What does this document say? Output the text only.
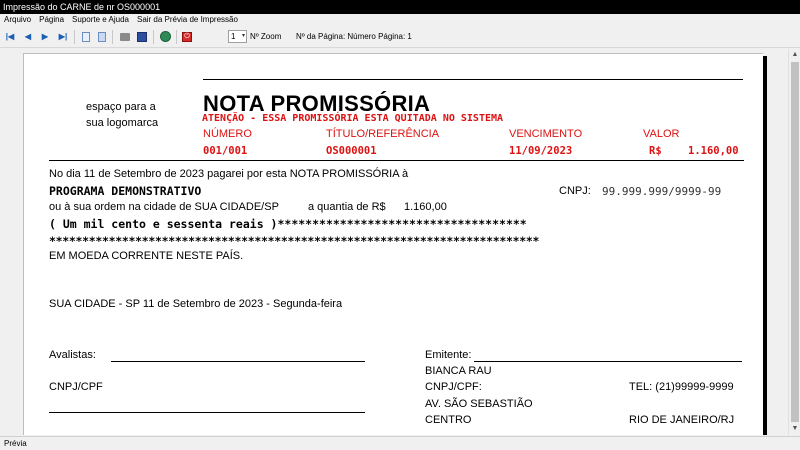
Impressão do CARNE de nr OS000001
Arquivo Página Suporte e Ajuda Sair da Prévia de Impressão
|◀	◀	▶	▶|	⏻	1 ▾ Nº Zoom Nº da Página: Número Página: 1
espaço para a
sua logomarca
NOTA PROMISSÓRIA
ATENÇÃO - ESSA PROMISSÓRIA ESTA QUITADA NO SISTEMA
NÚMERO	TÍTULO/REFERÊNCIA	VENCIMENTO	VALOR
001/001	OS000001	11/09/2023	R$	1.160,00
No dia 11 de Setembro de 2023 pagarei por esta NOTA PROMISSÓRIA à
PROGRAMA DEMONSTRATIVO	CNPJ: 99.999.999/9999-99
ou à sua ordem na cidade de SUA CIDADE/SP	a quantia de R$ 1.160,00
( Um mil cento e sessenta reais )************************************
**************************************************************************
EM MOEDA CORRENTE NESTE PAÍS.
SUA CIDADE - SP 11 de Setembro de 2023 - Segunda-feira
Avalistas:
CNPJ/CPF
Emitente:
BIANCA RAU
CNPJ/CPF:	TEL: (21)99999-9999
AV. SÃO SEBASTIÃO
CENTRO	RIO DE JANEIRO/RJ
▲
▼
Prévia
